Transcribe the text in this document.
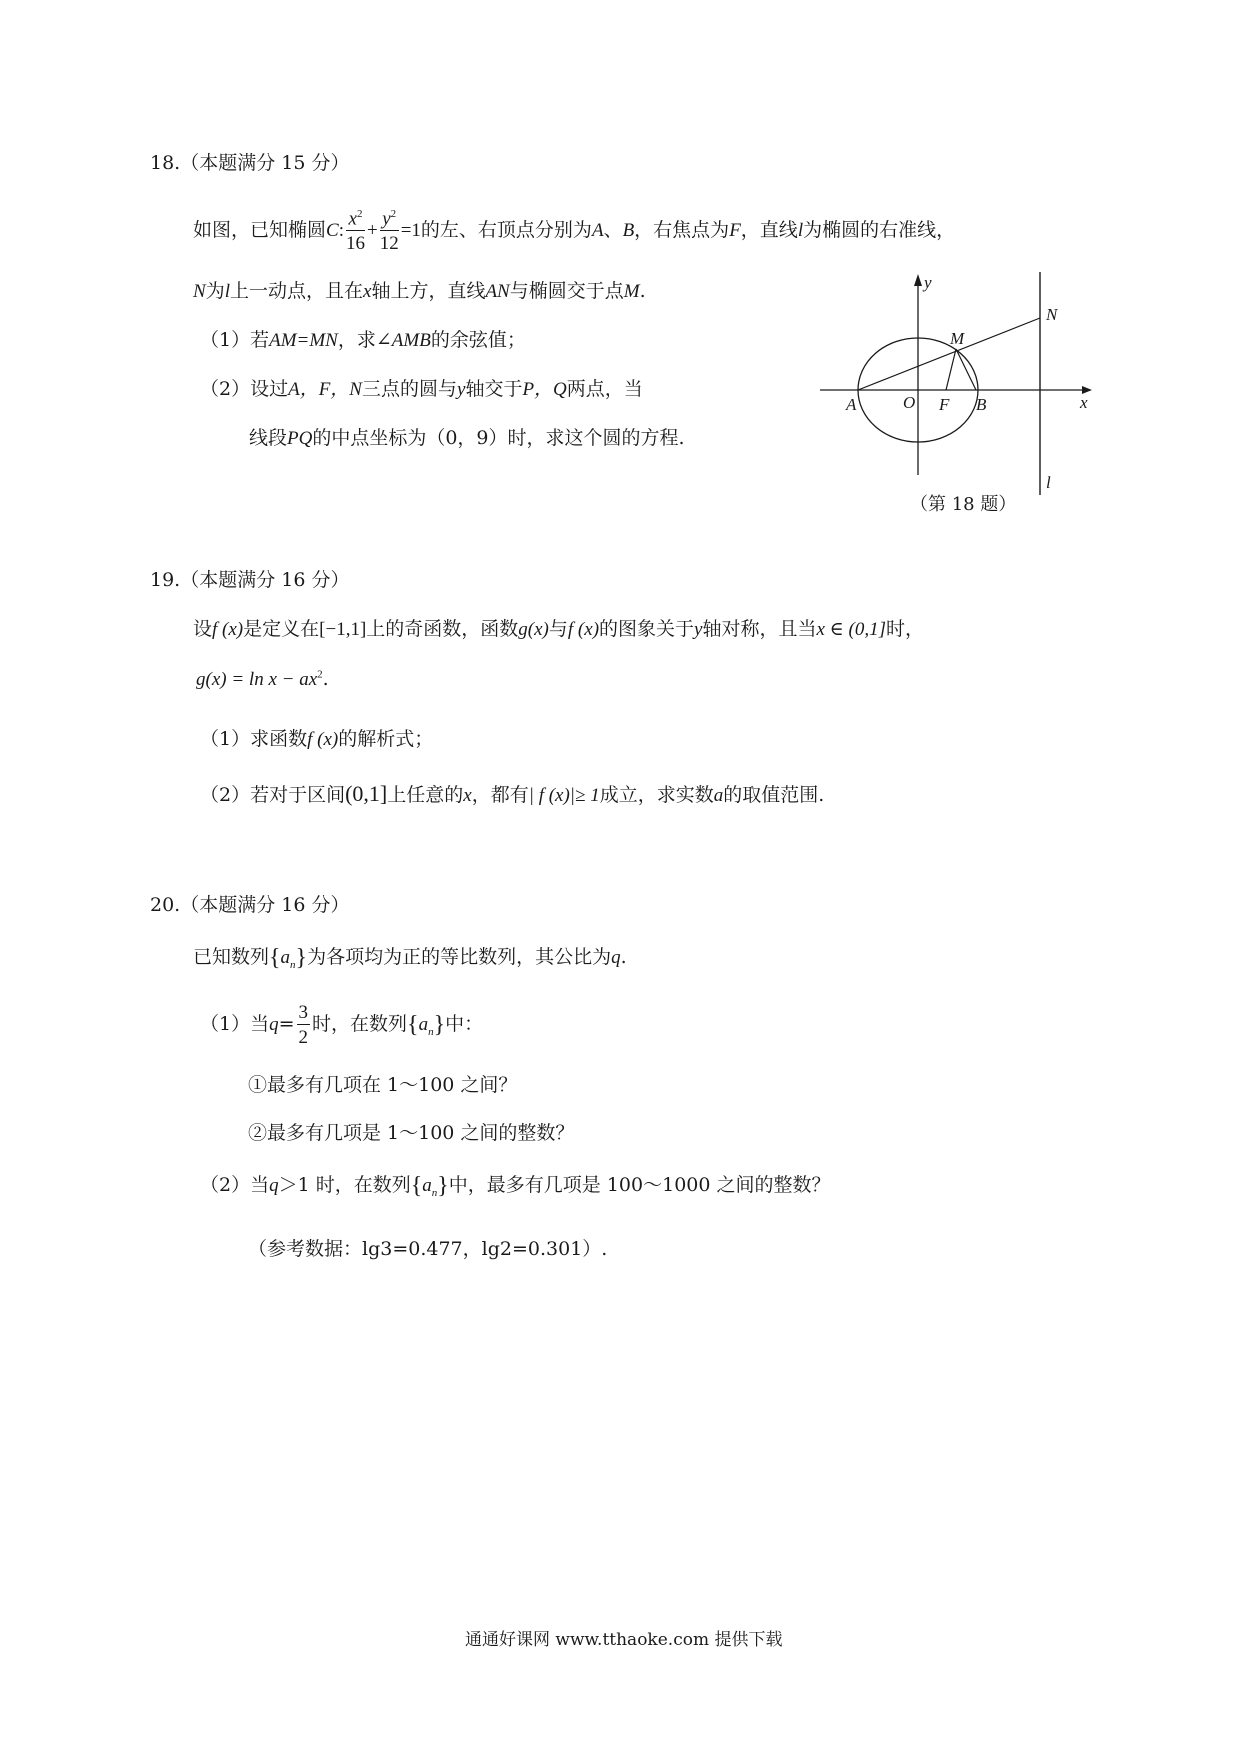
18.（本题满分 15 分）
如图，已知椭圆C: $\frac{x^2}{16} + \frac{y^2}{12} =1$的左、右顶点分别为A、B，右焦点为F，直线l为椭圆的右准线，
N为l上一动点，且在x轴上方，直线AN与椭圆交于点M.
（1）若AM=MN，求∠AMB的余弦值；
（2）设过A，F，N三点的圆与y轴交于P，Q两点，当
线段PQ的中点坐标为（0，9）时，求这个圆的方程.
y
x
N
M
A	O F B
l
（第 18 题）
19.（本题满分 16 分）
设f (x)是定义在[−1,1]上的奇函数，函数g(x)与f (x)的图象关于y轴对称，且当x ∈ (0,1]时，
$g(x) = \ln x - ax^2$.
（1）求函数f (x)的解析式；
（2）若对于区间(0,1]上任意的x，都有| f (x)|≥ 1成立，求实数a的取值范围.
20.（本题满分 16 分）
已知数列$\{a_n\}$为各项均为正的等比数列，其公比为q.
（1）当$q= \frac{3}{2}$ 时，在数列$\{a_n\}$中：
①最多有几项在 1～100 之间？
②最多有几项是 1～100 之间的整数？
（2）当q＞1 时，在数列$\{a_n\}$中，最多有几项是 100～1000 之间的整数？
（参考数据：lg3=0.477，lg2=0.301）.
通通好课网 www.tthaoke.com 提供下载
